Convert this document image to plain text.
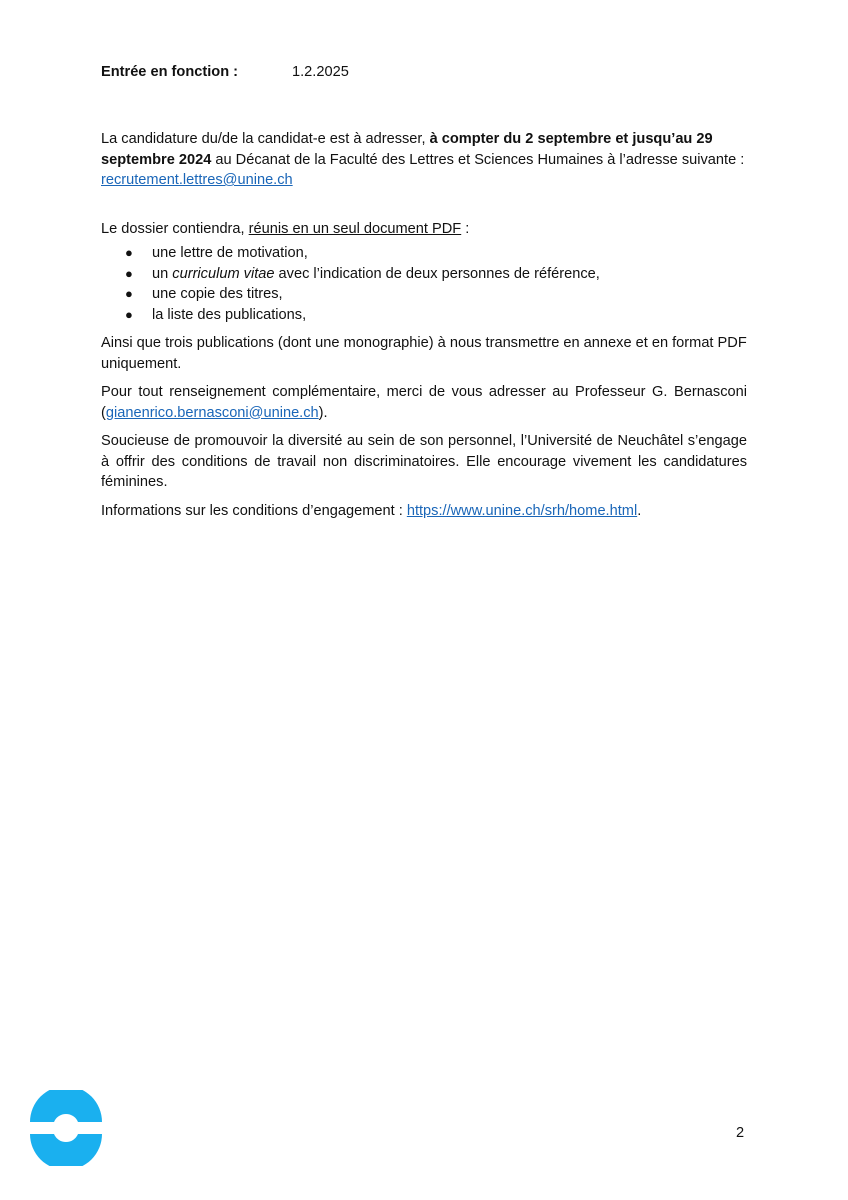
Entrée en fonction :	1.2.2025

La candidature du/de la candidat-e est à adresser, à compter du 2 septembre et jusqu’au 29 septembre 2024 au Décanat de la Faculté des Lettres et Sciences Humaines à l’adresse suivante : recrutement.lettres@unine.ch

Le dossier contiendra, réunis en un seul document PDF :

● une lettre de motivation,
● un curriculum vitae avec l’indication de deux personnes de référence,
● une copie des titres,
● la liste des publications,

Ainsi que trois publications (dont une monographie) à nous transmettre en annexe et en format PDF uniquement.

Pour tout renseignement complémentaire, merci de vous adresser au Professeur G. Bernasconi (gianenrico.bernasconi@unine.ch).

Soucieuse de promouvoir la diversité au sein de son personnel, l’Université de Neuchâtel s’engage à offrir des conditions de travail non discriminatoires. Elle encourage vivement les candidatures féminines.

Informations sur les conditions d’engagement : https://www.unine.ch/srh/home.html.

2
